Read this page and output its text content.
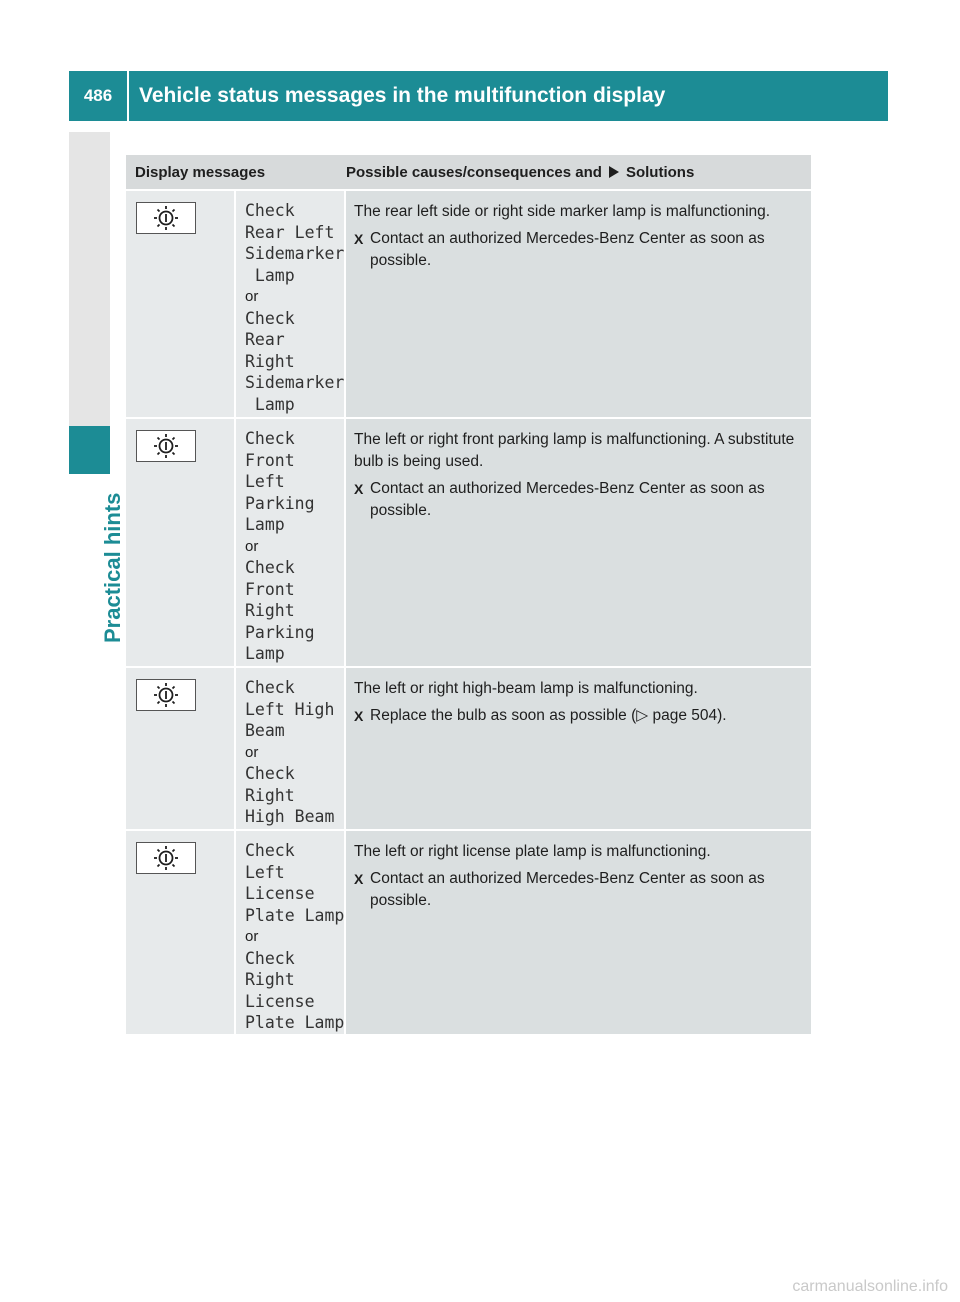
486	Vehicle status messages in the multifunction display
Practical hints
Display messages	Possible causes/consequences and Solutions
Check
Rear Left
Sidemarker
Lamp
or
Check
Rear
Right
Sidemarker
Lamp

The rear left side or right side marker lamp is malfunctioning.

X Contact an authorized Mercedes-Benz Center as soon as possible.

Check
Front
Left
Parking
Lamp
or
Check
Front
Right
Parking
Lamp

The left or right front parking lamp is malfunctioning. A substitute bulb is being used.

X Contact an authorized Mercedes-Benz Center as soon as possible.

Check
Left High
Beam
or
Check
Right
High Beam

The left or right high-beam lamp is malfunctioning.

X Replace the bulb as soon as possible (▷ page 504).

Check
Left
License
Plate Lamp
or
Check
Right
License
Plate Lamp

The left or right license plate lamp is malfunctioning.

X Contact an authorized Mercedes-Benz Center as soon as possible.

carmanualsonline.info
